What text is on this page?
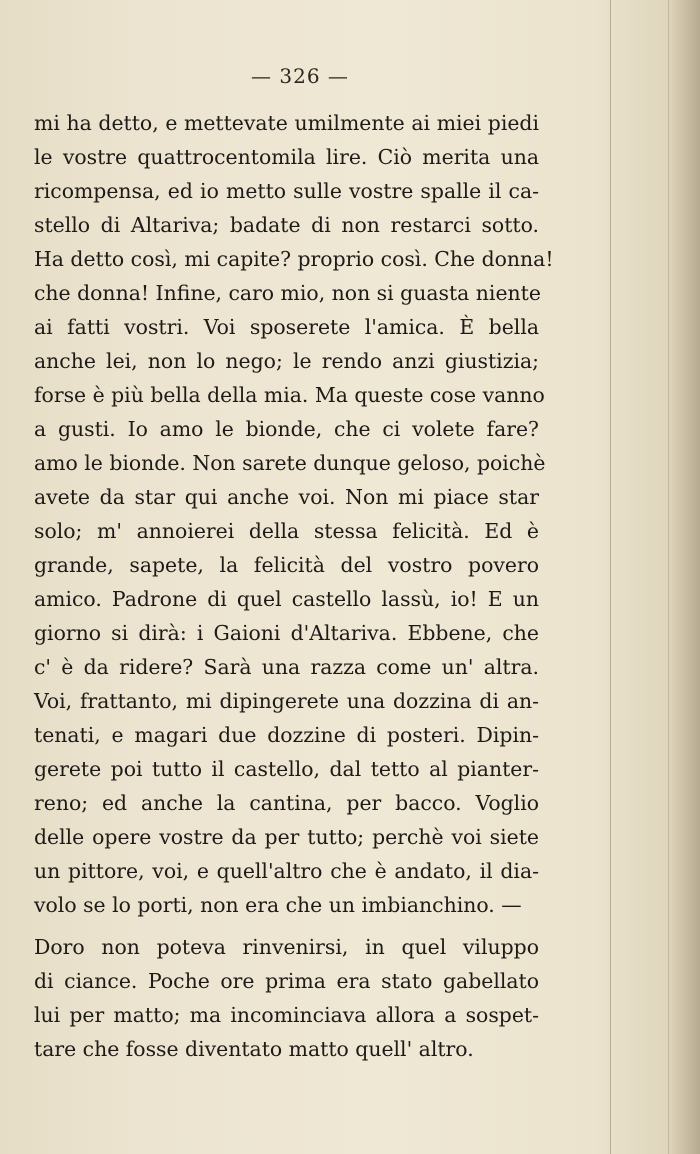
— 326 —
mi ha detto, e mettevate umilmente ai miei piedi
le vostre quattrocentomila lire. Ciò merita una
ricompensa, ed io metto sulle vostre spalle il ca-
stello di Altariva; badate di non restarci sotto.
Ha detto così, mi capite? proprio così. Che donna!
che donna! Infine, caro mio, non si guasta niente
ai fatti vostri. Voi sposerete l'amica. È bella
anche lei, non lo nego; le rendo anzi giustizia;
forse è più bella della mia. Ma queste cose vanno
a gusti. Io amo le bionde, che ci volete fare?
amo le bionde. Non sarete dunque geloso, poichè
avete da star qui anche voi. Non mi piace star
solo; m' annoierei della stessa felicità. Ed è
grande, sapete, la felicità del vostro povero
amico. Padrone di quel castello lassù, io! E un
giorno si dirà: i Gaioni d'Altariva. Ebbene, che
c' è da ridere? Sarà una razza come un' altra.
Voi, frattanto, mi dipingerete una dozzina di an-
tenati, e magari due dozzine di posteri. Dipin-
gerete poi tutto il castello, dal tetto al pianter-
reno; ed anche la cantina, per bacco. Voglio
delle opere vostre da per tutto; perchè voi siete
un pittore, voi, e quell'altro che è andato, il dia-
volo se lo porti, non era che un imbianchino. —
Doro non poteva rinvenirsi, in quel viluppo
di ciance. Poche ore prima era stato gabellato
lui per matto; ma incominciava allora a sospet-
tare che fosse diventato matto quell' altro.
